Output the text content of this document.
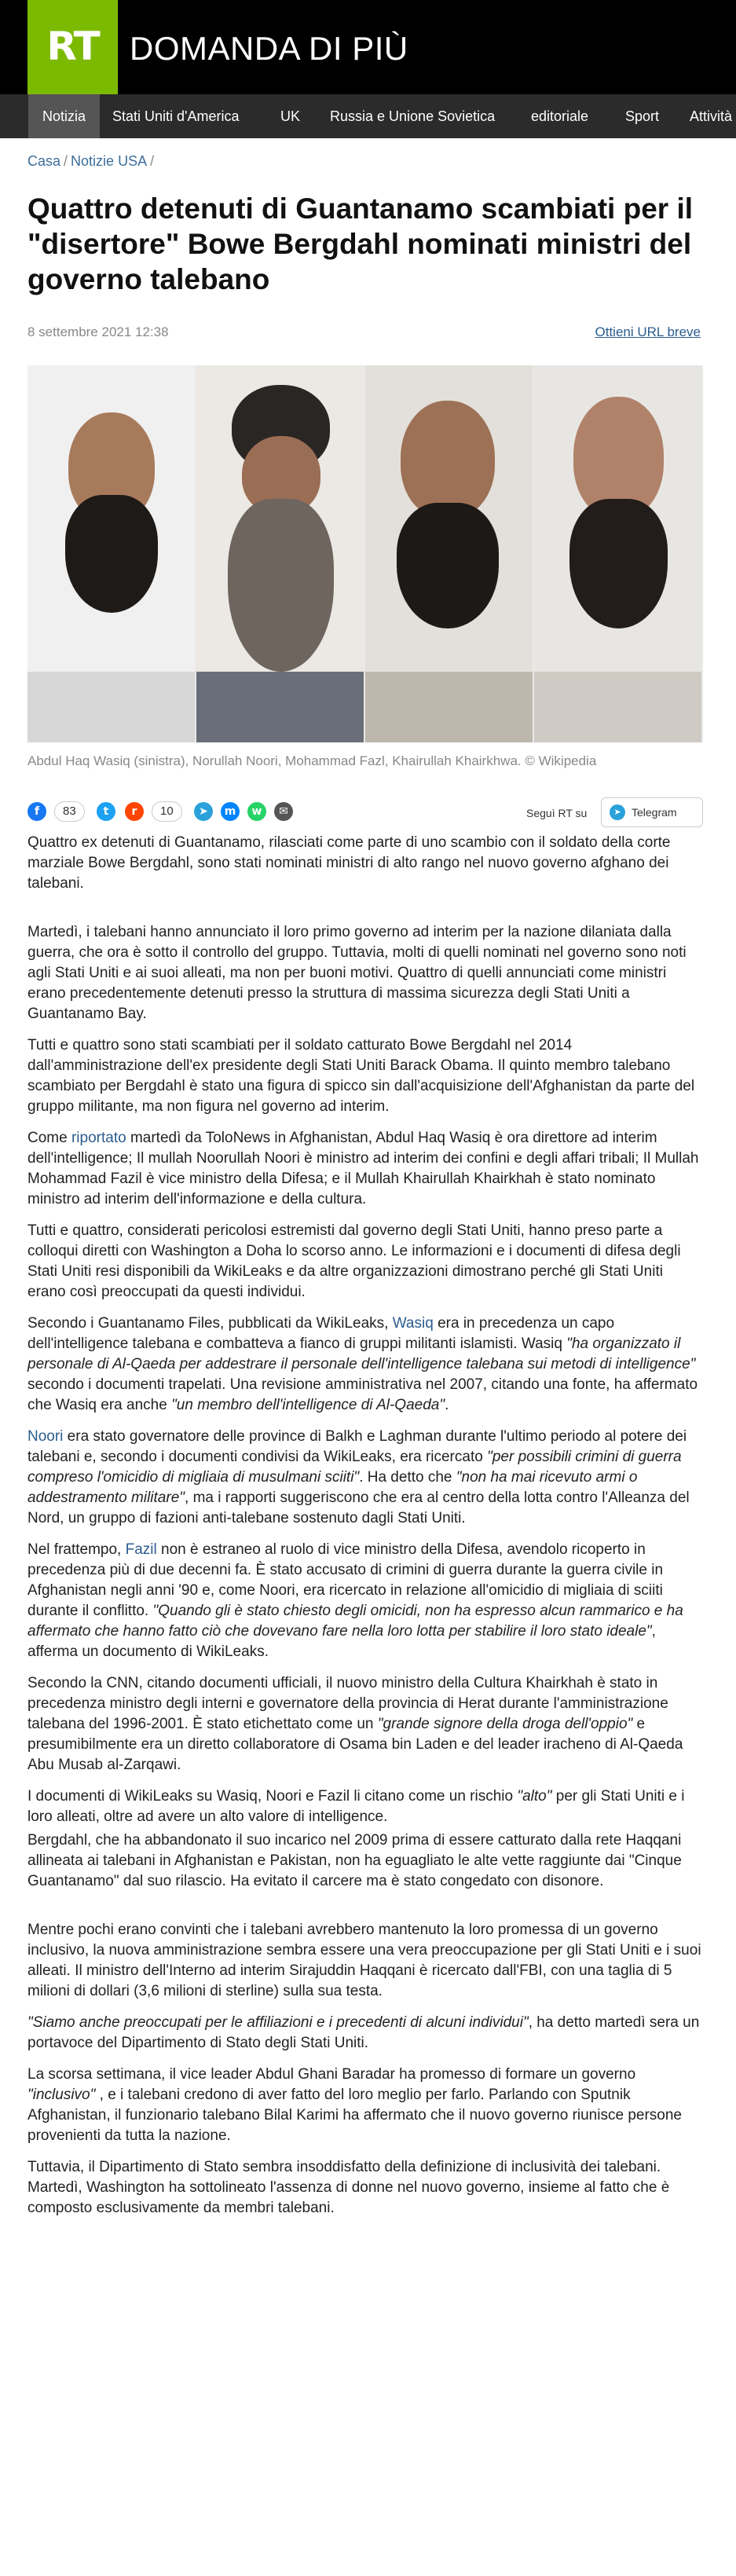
RT DOMANDA DI PIÙ
Notizia	Stati Uniti d'America	UK Russia e Unione Sovietica	editoriale	Sport Attività
Casa / Notizie USA /
Quattro detenuti di Guantanamo scambiati per il "disertore" Bowe Bergdahl nominati ministri del governo talebano
8 settembre 2021 12:38	Ottieni URL breve
Abdul Haq Wasiq (sinistra), Norullah Noori, Mohammad Fazl, Khairullah Khairkhwa. © Wikipedia
f	83	t	r	10	➤	m	w	✉	Seguì RT su	➤ Telegram

Quattro ex detenuti di Guantanamo, rilasciati come parte di uno scambio con il soldato della corte marziale Bowe Bergdahl, sono stati nominati ministri di alto rango nel nuovo governo afghano dei talebani.

Martedì, i talebani hanno annunciato il loro primo governo ad interim per la nazione dilaniata dalla guerra, che ora è sotto il controllo del gruppo. Tuttavia, molti di quelli nominati nel governo sono noti agli Stati Uniti e ai suoi alleati, ma non per buoni motivi. Quattro di quelli annunciati come ministri erano precedentemente detenuti presso la struttura di massima sicurezza degli Stati Uniti a Guantanamo Bay.

Tutti e quattro sono stati scambiati per il soldato catturato Bowe Bergdahl nel 2014 dall'amministrazione dell'ex presidente degli Stati Uniti Barack Obama. Il quinto membro talebano scambiato per Bergdahl è stato una figura di spicco sin dall'acquisizione dell'Afghanistan da parte del gruppo militante, ma non figura nel governo ad interim.

Come riportato martedì da ToloNews in Afghanistan, Abdul Haq Wasiq è ora direttore ad interim dell'intelligence; Il mullah Noorullah Noori è ministro ad interim dei confini e degli affari tribali; Il Mullah Mohammad Fazil è vice ministro della Difesa; e il Mullah Khairullah Khairkhah è stato nominato ministro ad interim dell'informazione e della cultura.

Tutti e quattro, considerati pericolosi estremisti dal governo degli Stati Uniti, hanno preso parte a colloqui diretti con Washington a Doha lo scorso anno. Le informazioni e i documenti di difesa degli Stati Uniti resi disponibili da WikiLeaks e da altre organizzazioni dimostrano perché gli Stati Uniti erano così preoccupati da questi individui.

Secondo i Guantanamo Files, pubblicati da WikiLeaks, Wasiq era in precedenza un capo dell'intelligence talebana e combatteva a fianco di gruppi militanti islamisti. Wasiq "ha organizzato il personale di Al-Qaeda per addestrare il personale dell'intelligence talebana sui metodi di intelligence" secondo i documenti trapelati. Una revisione amministrativa nel 2007, citando una fonte, ha affermato che Wasiq era anche "un membro dell'intelligence di Al-Qaeda".

Noori era stato governatore delle province di Balkh e Laghman durante l'ultimo periodo al potere dei talebani e, secondo i documenti condivisi da WikiLeaks, era ricercato "per possibili crimini di guerra compreso l'omicidio di migliaia di musulmani sciiti". Ha detto che "non ha mai ricevuto armi o addestramento militare", ma i rapporti suggeriscono che era al centro della lotta contro l'Alleanza del Nord, un gruppo di fazioni anti-talebane sostenuto dagli Stati Uniti.

Nel frattempo, Fazil non è estraneo al ruolo di vice ministro della Difesa, avendolo ricoperto in precedenza più di due decenni fa. È stato accusato di crimini di guerra durante la guerra civile in Afghanistan negli anni '90 e, come Noori, era ricercato in relazione all'omicidio di migliaia di sciiti durante il conflitto. "Quando gli è stato chiesto degli omicidi, non ha espresso alcun rammarico e ha affermato che hanno fatto ciò che dovevano fare nella loro lotta per stabilire il loro stato ideale", afferma un documento di WikiLeaks.

Secondo la CNN, citando documenti ufficiali, il nuovo ministro della Cultura Khairkhah è stato in precedenza ministro degli interni e governatore della provincia di Herat durante l'amministrazione talebana del 1996-2001. È stato etichettato come un "grande signore della droga dell'oppio" e presumibilmente era un diretto collaboratore di Osama bin Laden e del leader iracheno di Al-Qaeda Abu Musab al-Zarqawi.

I documenti di WikiLeaks su Wasiq, Noori e Fazil li citano come un rischio "alto" per gli Stati Uniti e i loro alleati, oltre ad avere un alto valore di intelligence.

Bergdahl, che ha abbandonato il suo incarico nel 2009 prima di essere catturato dalla rete Haqqani allineata ai talebani in Afghanistan e Pakistan, non ha eguagliato le alte vette raggiunte dai "Cinque Guantanamo" dal suo rilascio. Ha evitato il carcere ma è stato congedato con disonore.

Mentre pochi erano convinti che i talebani avrebbero mantenuto la loro promessa di un governo inclusivo, la nuova amministrazione sembra essere una vera preoccupazione per gli Stati Uniti e i suoi alleati. Il ministro dell'Interno ad interim Sirajuddin Haqqani è ricercato dall'FBI, con una taglia di 5 milioni di dollari (3,6 milioni di sterline) sulla sua testa.

"Siamo anche preoccupati per le affiliazioni e i precedenti di alcuni individui", ha detto martedì sera un portavoce del Dipartimento di Stato degli Stati Uniti.

La scorsa settimana, il vice leader Abdul Ghani Baradar ha promesso di formare un governo "inclusivo" , e i talebani credono di aver fatto del loro meglio per farlo. Parlando con Sputnik Afghanistan, il funzionario talebano Bilal Karimi ha affermato che il nuovo governo riunisce persone provenienti da tutta la nazione.

Tuttavia, il Dipartimento di Stato sembra insoddisfatto della definizione di inclusività dei talebani. Martedì, Washington ha sottolineato l'assenza di donne nel nuovo governo, insieme al fatto che è composto esclusivamente da membri talebani.
